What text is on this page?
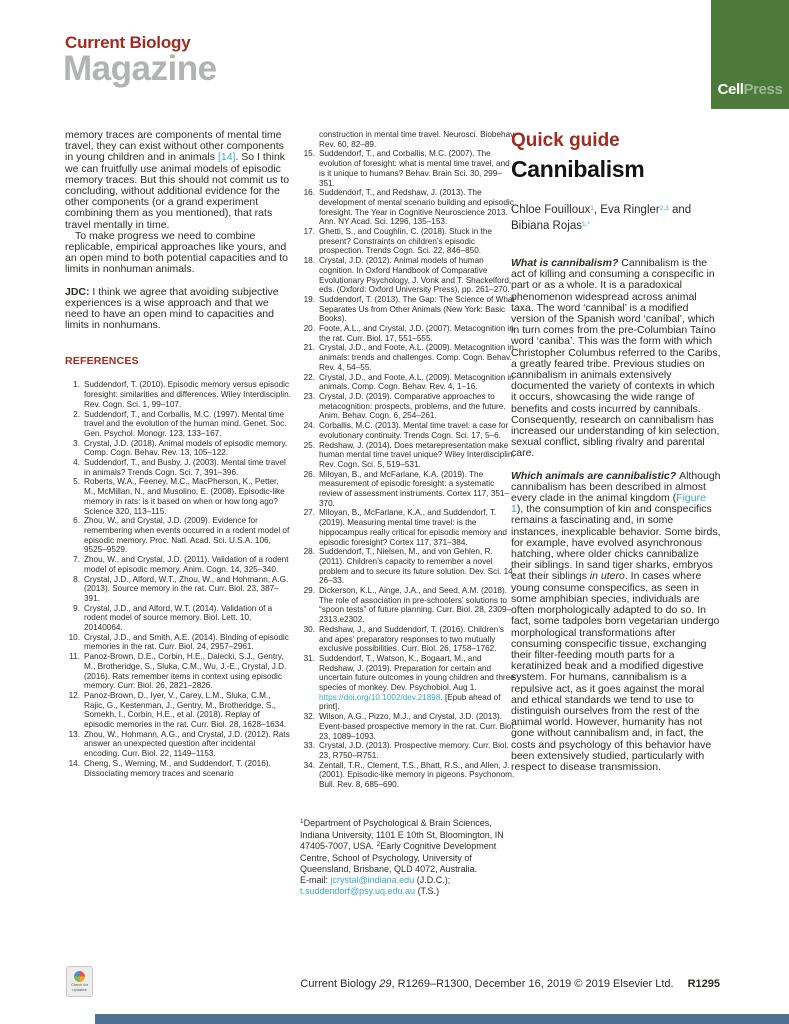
Current Biology
Magazine
CellPress
memory traces are components of mental time travel, they can exist without other components in young children and in animals [14]. So I think we can fruitfully use animal models of episodic memory traces. But this should not commit us to concluding, without additional evidence for the other components (or a grand experiment combining them as you mentioned), that rats travel mentally in time.
To make progress we need to combine replicable, empirical approaches like yours, and an open mind to both potential capacities and to limits in nonhuman animals.
JDC: I think we agree that avoiding subjective experiences is a wise approach and that we need to have an open mind to capacities and limits in nonhumans.
REFERENCES
1. Suddendorf, T. (2010). Episodic memory versus episodic foresight: similarities and differences. Wiley Interdisciplin. Rev. Cogn. Sci. 1, 99–107.
2. Suddendorf, T., and Corballis, M.C. (1997). Mental time travel and the evolution of the human mind. Genet. Soc. Gen. Psychol. Monogr. 123, 133–167.
3. Crystal, J.D. (2018). Animal models of episodic memory. Comp. Cogn. Behav. Rev. 13, 105–122.
4. Suddendorf, T., and Busby, J. (2003). Mental time travel in animals? Trends Cogn. Sci. 7, 391–396.
5. Roberts, W.A., Feeney, M.C., MacPherson, K., Petter, M., McMillan, N., and Musolino, E. (2008). Episodic-like memory in rats: is it based on when or how long ago? Science 320, 113–115.
6. Zhou, W., and Crystal, J.D. (2009). Evidence for remembering when events occurred in a rodent model of episodic memory. Proc. Natl. Acad. Sci. U.S.A. 106, 9525–9529.
7. Zhou, W., and Crystal, J.D. (2011). Validation of a rodent model of episodic memory. Anim. Cogn. 14, 325–340.
8. Crystal, J.D., Alford, W.T., Zhou, W., and Hohmann, A.G. (2013). Source memory in the rat. Curr. Biol. 23, 387–391.
9. Crystal, J.D., and Alford, W.T. (2014). Validation of a rodent model of source memory. Biol. Lett. 10, 20140064.
10. Crystal, J.D., and Smith, A.E. (2014). Binding of episodic memories in the rat. Curr. Biol. 24, 2957–2961.
11. Panoz-Brown, D.E., Corbin, H.E., Dalecki, S.J., Gentry, M., Brotheridge, S., Sluka, C.M., Wu, J.-E., Crystal, J.D. (2016). Rats remember items in context using episodic memory. Curr. Biol. 26, 2821–2826.
12. Panoz-Brown, D., Iyer, V., Carey, L.M., Sluka, C.M., Rajic, G., Kestenman, J., Gentry, M., Brotheridge, S., Somekh, I., Corbin, H.E., et al. (2018). Replay of episodic memories in the rat. Curr. Biol. 28, 1628–1634.
13. Zhou, W., Hohmann, A.G., and Crystal, J.D. (2012). Rats answer an unexpected question after incidental encoding. Curr. Biol. 22, 1149–1153.
14. Cheng, S., Werning, M., and Suddendorf, T. (2016). Dissociating memory traces and scenario
construction in mental time travel. Neurosci. Biobehav. Rev. 60, 82–89.
15. Suddendorf, T., and Corballis, M.C. (2007). The evolution of foresight: what is mental time travel, and is it unique to humans? Behav. Brain Sci. 30, 299–351.
16. Suddendorf, T., and Redshaw, J. (2013). The development of mental scenario building and episodic foresight. The Year in Cognitive Neuroscience 2013. Ann. NY Acad. Sci. 1296, 135–153.
17. Ghetti, S., and Coughlin, C. (2018). Stuck in the present? Constraints on children’s episodic prospection. Trends Cogn. Sci. 22, 846–850.
18. Crystal, J.D. (2012). Animal models of human cognition. In Oxford Handbook of Comparative Evolutionary Psychology, J. Vonk and T. Shackelford, eds. (Oxford: Oxford University Press), pp. 261–270.
19. Suddendorf, T. (2013). The Gap: The Science of What Separates Us from Other Animals (New York: Basic Books).
20. Foote, A.L., and Crystal, J.D. (2007). Metacognition in the rat. Curr. Biol. 17, 551–555.
21. Crystal, J.D., and Foote, A.L. (2009). Metacognition in animals: trends and challenges. Comp. Cogn. Behav. Rev. 4, 54–55.
22. Crystal, J.D., and Foote, A.L. (2009). Metacognition in animals. Comp. Cogn. Behav. Rev. 4, 1–16.
23. Crystal, J.D. (2019). Comparative approaches to metacognition: prospects, problems, and the future. Anim. Behav. Cogn. 6, 254–261.
24. Corballis, M.C. (2013). Mental time travel: a case for evolutionary continuity. Trends Cogn. Sci. 17, 5–6.
25. Redshaw, J. (2014). Does metarepresentation make human mental time travel unique? Wiley Interdisciplin. Rev. Cogn. Sci. 5, 519–531.
26. Miloyan, B., and McFarlane, K.A. (2019). The measurement of episodic foresight: a systematic review of assessment instruments. Cortex 117, 351–370.
27. Miloyan, B., McFarlane, K.A., and Suddendorf, T. (2019). Measuring mental time travel: is the hippocampus really critical for episodic memory and episodic foresight? Cortex 117, 371–384.
28. Suddendorf, T., Nielsen, M., and von Gehlen, R. (2011). Children’s capacity to remember a novel problem and to secure its future solution. Dev. Sci. 14, 26–33.
29. Dickerson, K.L., Ainge, J.A., and Seed, A.M. (2018). The role of association in pre-schoolers’ solutions to “spoon tests” of future planning. Curr. Biol. 28, 2309–2313.e2302.
30. Redshaw, J., and Suddendorf, T. (2016). Children’s and apes’ preparatory responses to two mutually exclusive possibilities. Curr. Biol. 26, 1758–1762.
31. Suddendorf, T., Watson, K., Bogaart, M., and Redshaw, J. (2019). Preparation for certain and uncertain future outcomes in young children and three species of monkey. Dev. Psychobiol. Aug 1. https://doi.org/10.1002/dev.21898. [Epub ahead of print].
32. Wilson, A.G., Pizzo, M.J., and Crystal, J.D. (2013). Event-based prospective memory in the rat. Curr. Biol. 23, 1089–1093.
33. Crystal, J.D. (2013). Prospective memory. Curr. Biol. 23, R750–R751.
34. Zentall, T.R., Clement, T.S., Bhatt, R.S., and Allen, J. (2001). Episodic-like memory in pigeons. Psychonom. Bull. Rev. 8, 685–690.
$^1$Department of Psychological & Brain Sciences, Indiana University, 1101 E 10th St, Bloomington, IN 47405-7007, USA. $^2$Early Cognitive Development Centre, School of Psychology, University of Queensland, Brisbane, QLD 4072, Australia.
E-mail: jcrystal@indiana.edu (J.D.C.); t.suddendorf@psy.uq.edu.au (T.S.)
Quick guide
Cannibalism
Chloe Fouilloux$^1$, Eva Ringler$^{2,3}$ and Bibiana Rojas$^{1,*}$
What is cannibalism? Cannibalism is the act of killing and consuming a conspecific in part or as a whole. It is a paradoxical phenomenon widespread across animal taxa. The word ‘cannibal’ is a modified version of the Spanish word ‘caníbal’, which in turn comes from the pre-Columbian Taíno word ‘caniba’. This was the form with which Christopher Columbus referred to the Caribs, a greatly feared tribe. Previous studies on cannibalism in animals extensively documented the variety of contexts in which it occurs, showcasing the wide range of benefits and costs incurred by cannibals. Consequently, research on cannibalism has increased our understanding of kin selection, sexual conflict, sibling rivalry and parental care.
Which animals are cannibalistic? Although cannibalism has been described in almost every clade in the animal kingdom (Figure 1), the consumption of kin and conspecifics remains a fascinating and, in some instances, inexplicable behavior. Some birds, for example, have evolved asynchronous hatching, where older chicks cannibalize their siblings. In sand tiger sharks, embryos eat their siblings in utero. In cases where young consume conspecifics, as seen in some amphibian species, individuals are often morphologically adapted to do so. In fact, some tadpoles born vegetarian undergo morphological transformations after consuming conspecific tissue, exchanging their filter-feeding mouth parts for a keratinized beak and a modified digestive system. For humans, cannibalism is a repulsive act, as it goes against the moral and ethical standards we tend to use to distinguish ourselves from the rest of the animal world. However, humanity has not gone without cannibalism and, in fact, the costs and psychology of this behavior have been extensively studied, particularly with respect to disease transmission.
Check for updates	Current Biology 29, R1269–R1300, December 16, 2019 © 2019 Elsevier Ltd. R1295
